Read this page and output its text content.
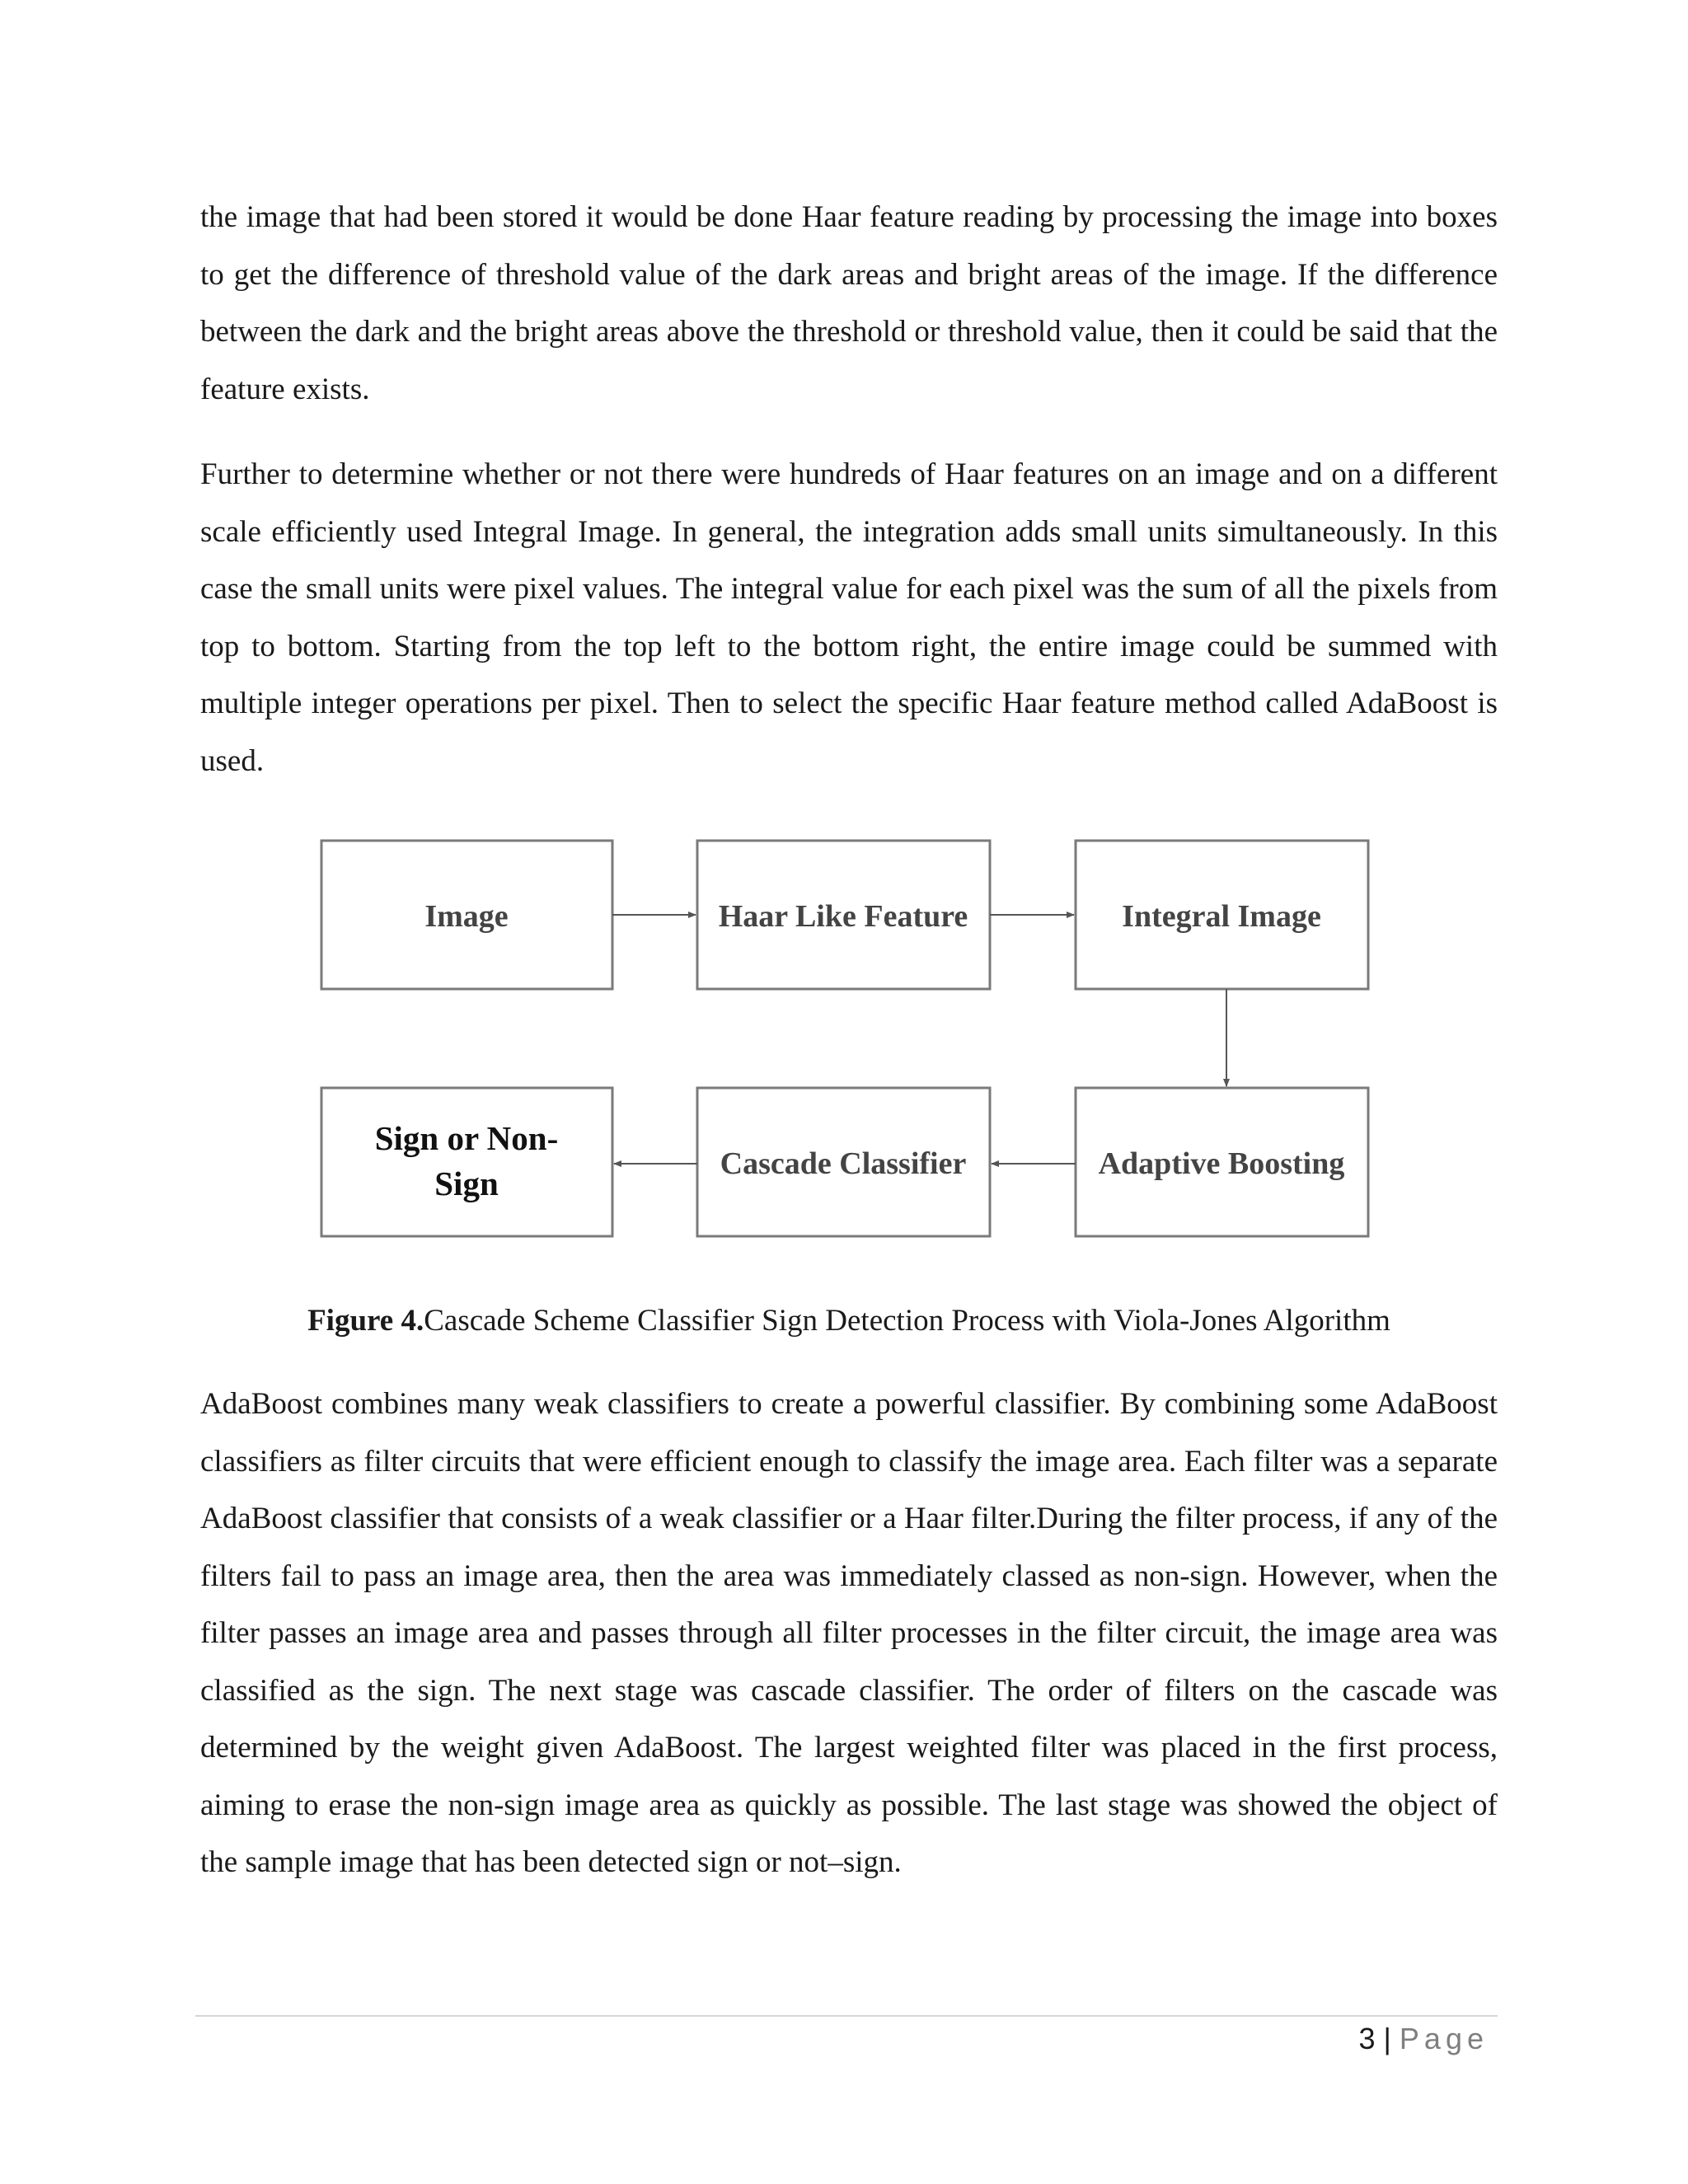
the image that had been stored it would be done Haar feature reading by processing the image into boxes to get the difference of threshold value of the dark areas and bright areas of the image. If the difference between the dark and the bright areas above the threshold or threshold value, then it could be said that the feature exists.

Further to determine whether or not there were hundreds of Haar features on an image and on a different scale efficiently used Integral Image. In general, the integration adds small units simultaneously. In this case the small units were pixel values. The integral value for each pixel was the sum of all the pixels from top to bottom. Starting from the top left to the bottom right, the entire image could be summed with multiple integer operations per pixel. Then to select the specific Haar feature method called AdaBoost is used.

Image	Haar Like Feature	Integral Image
Adaptive Boosting
Cascade Classifier
Sign or Non-
Sign

Figure 4.Cascade Scheme Classifier Sign Detection Process with Viola-Jones Algorithm

AdaBoost combines many weak classifiers to create a powerful classifier. By combining some AdaBoost classifiers as filter circuits that were efficient enough to classify the image area. Each filter was a separate AdaBoost classifier that consists of a weak classifier or a Haar filter.During the filter process, if any of the filters fail to pass an image area, then the area was immediately classed as non-sign. However, when the filter passes an image area and passes through all filter processes in the filter circuit, the image area was classified as the sign. The next stage was cascade classifier. The order of filters on the cascade was determined by the weight given AdaBoost. The largest weighted filter was placed in the first process, aiming to erase the non-sign image area as quickly as possible. The last stage was showed the object of the sample image that has been detected sign or not–sign.

3 | Page
